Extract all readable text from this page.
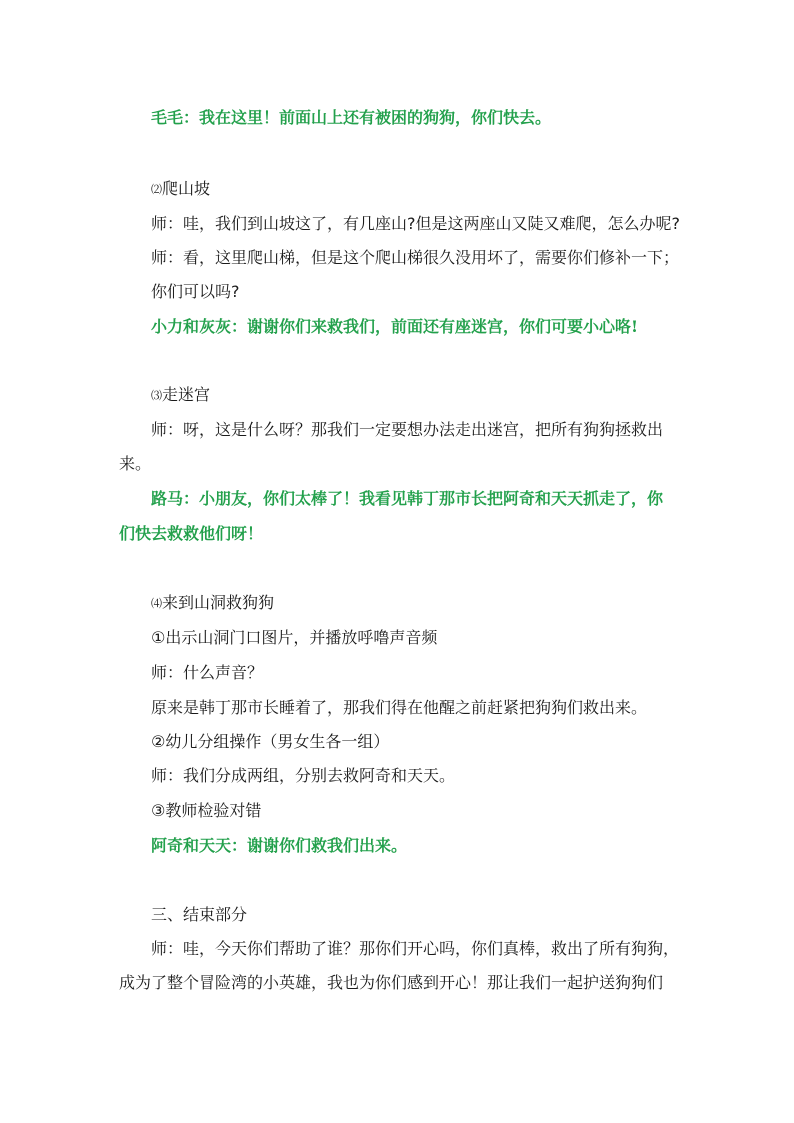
毛毛：我在这里！前面山上还有被困的狗狗，你们快去。
⑵爬山坡
师：哇，我们到山坡这了，有几座山?但是这两座山又陡又难爬，怎么办呢?
师：看，这里爬山梯，但是这个爬山梯很久没用坏了，需要你们修补一下；
你们可以吗?
小力和灰灰：谢谢你们来救我们，前面还有座迷宫，你们可要小心咯!
⑶走迷宫
师：呀，这是什么呀？那我们一定要想办法走出迷宫，把所有狗狗拯救出
来。
路马：小朋友，你们太棒了！我看见韩丁那市长把阿奇和天天抓走了，你
们快去救救他们呀！
⑷来到山洞救狗狗
①出示山洞门口图片，并播放呼噜声音频
师：什么声音？
原来是韩丁那市长睡着了，那我们得在他醒之前赶紧把狗狗们救出来。
②幼儿分组操作（男女生各一组）
师：我们分成两组，分别去救阿奇和天天。
③教师检验对错
阿奇和天天：谢谢你们救我们出来。
三、结束部分
师：哇，今天你们帮助了谁？那你们开心吗，你们真棒，救出了所有狗狗，
成为了整个冒险湾的小英雄，我也为你们感到开心！那让我们一起护送狗狗们
